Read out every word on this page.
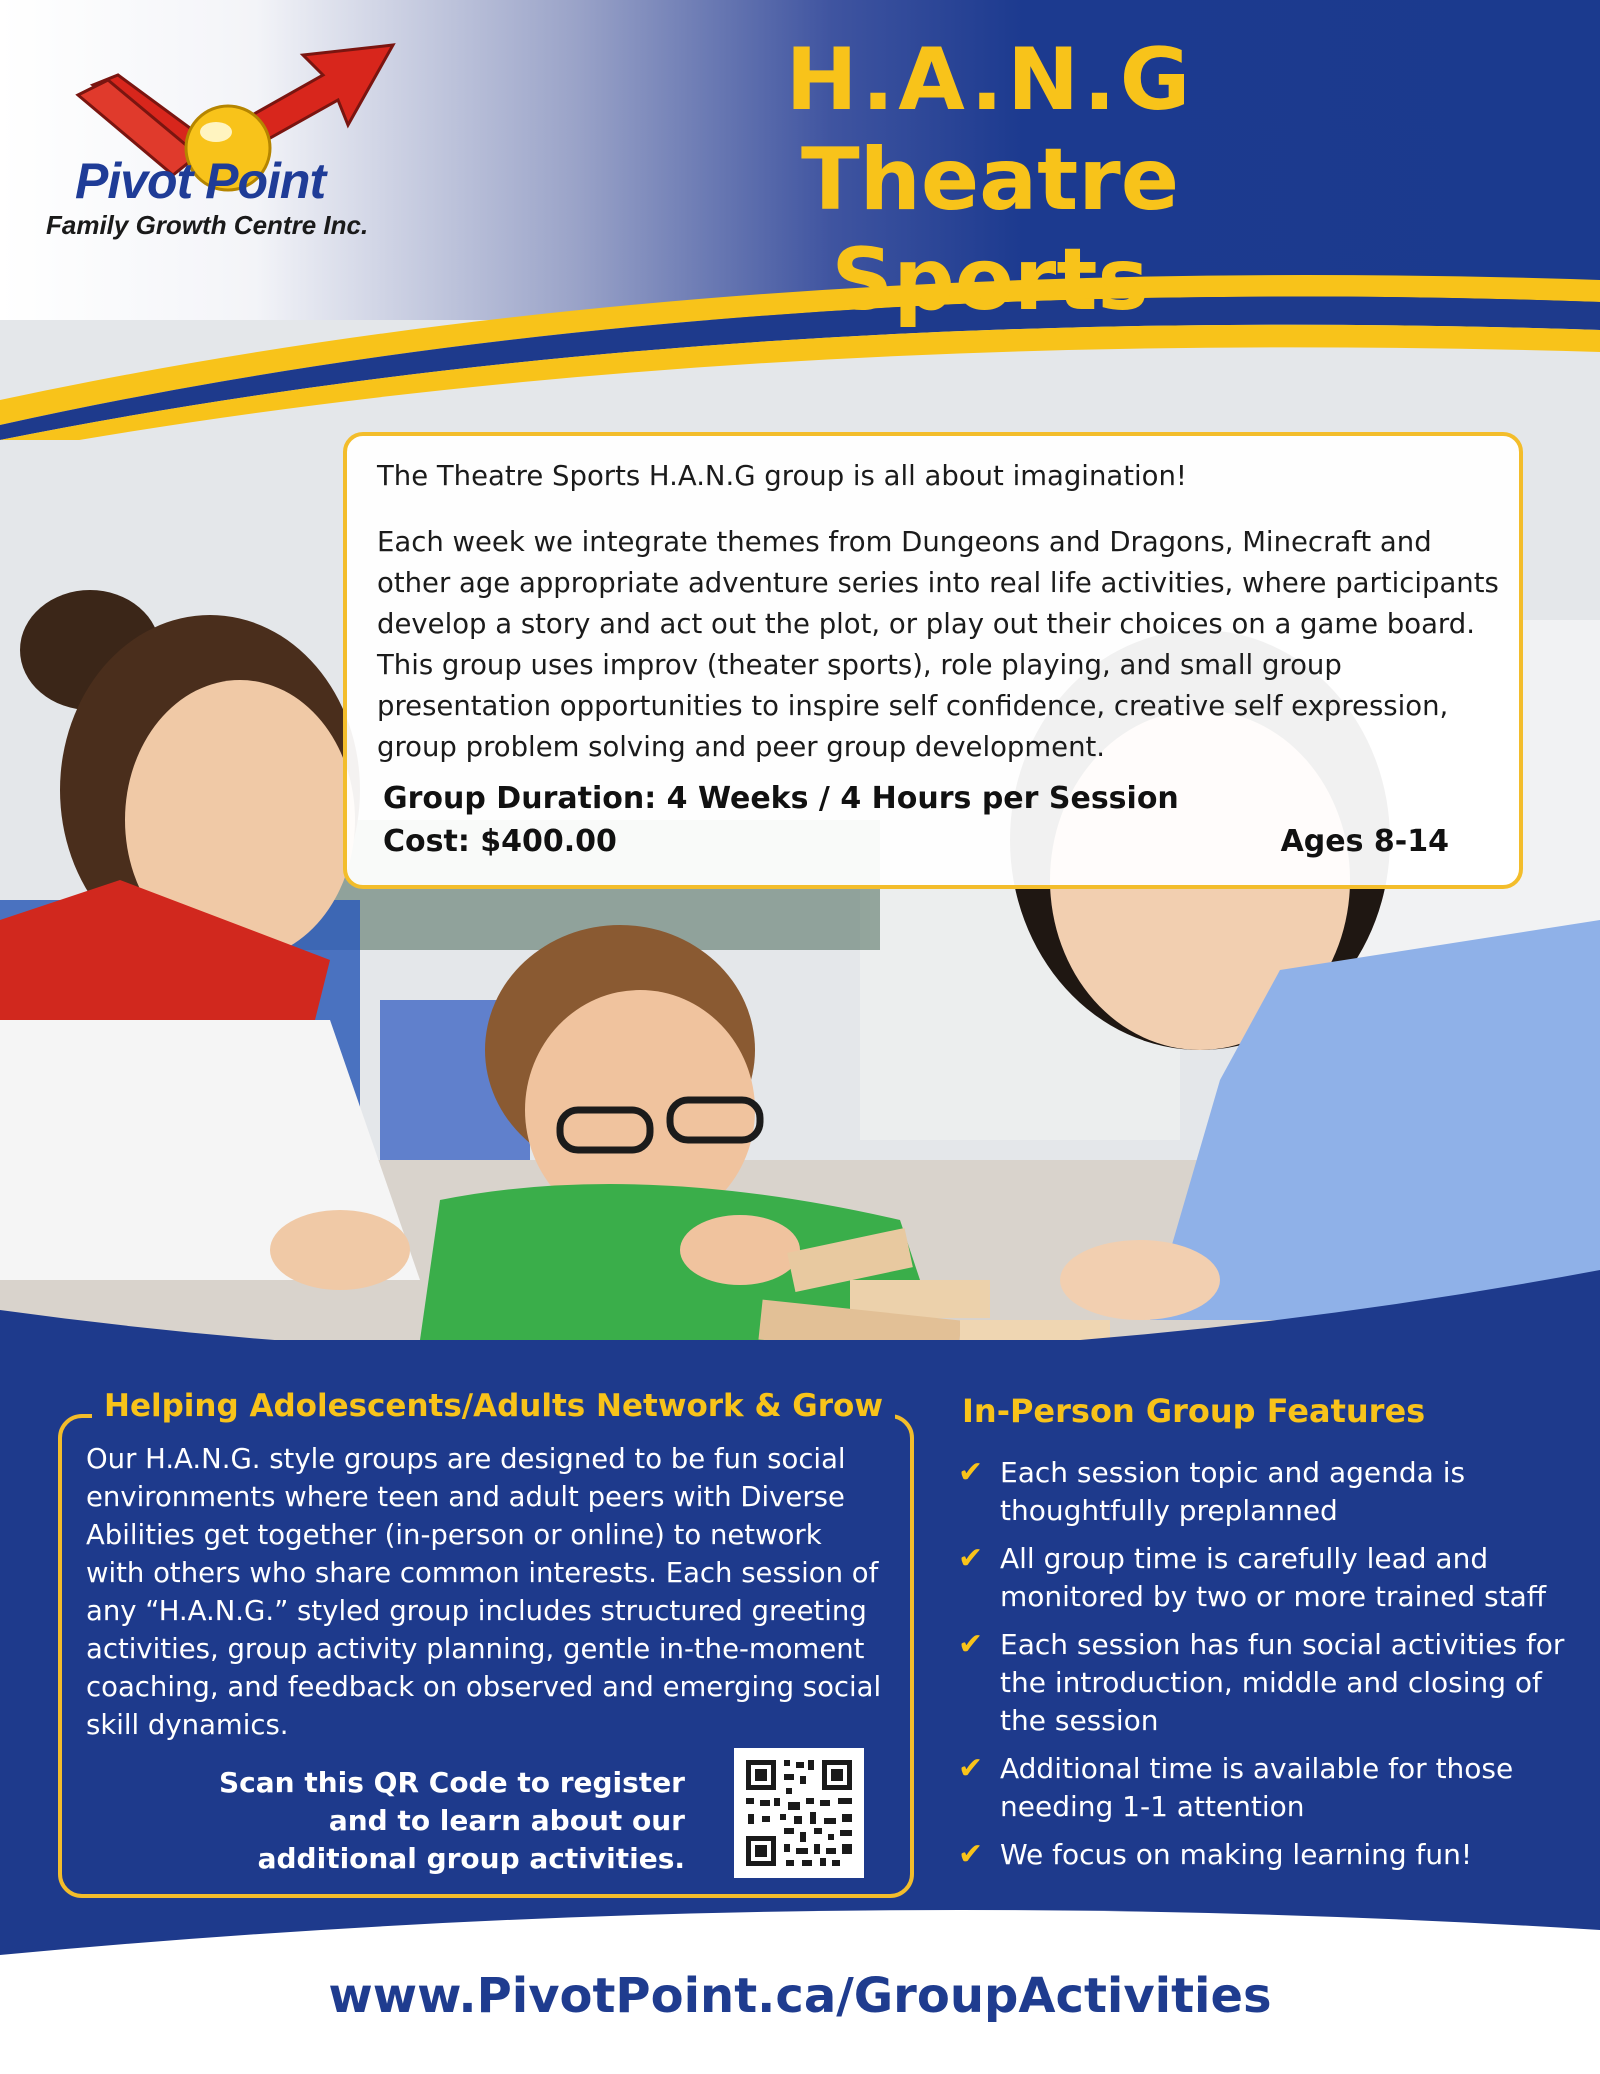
Pivot Point
Family Growth Centre Inc.
H.A.N.G
Theatre Sports
The Theatre Sports H.A.N.G group is all about imagination!
Each week we integrate themes from Dungeons and Dragons, Minecraft and other age appropriate adventure series into real life activities, where participants develop a story and act out the plot, or play out their choices on a game board. This group uses improv (theater sports), role playing, and small group presentation opportunities to inspire self confidence, creative self expression, group problem solving and peer group development.
Group Duration: 4 Weeks / 4 Hours per Session
Cost: $400.00	Ages 8-14
Helping Adolescents/Adults Network & Grow
Our H.A.N.G. style groups are designed to be fun social environments where teen and adult peers with Diverse Abilities get together (in-person or online) to network with others who share common interests. Each session of any “H.A.N.G.” styled group includes structured greeting activities, group activity planning, gentle in-the-moment coaching, and feedback on observed and emerging social skill dynamics.
Scan this QR Code to register and to learn about our additional group activities.
In-Person Group Features
✔ Each session topic and agenda is thoughtfully preplanned
✔ All group time is carefully lead and monitored by two or more trained staff
✔ Each session has fun social activities for the introduction, middle and closing of the session
✔ Additional time is available for those needing 1-1 attention
✔ We focus on making learning fun!
www.PivotPoint.ca/GroupActivities
